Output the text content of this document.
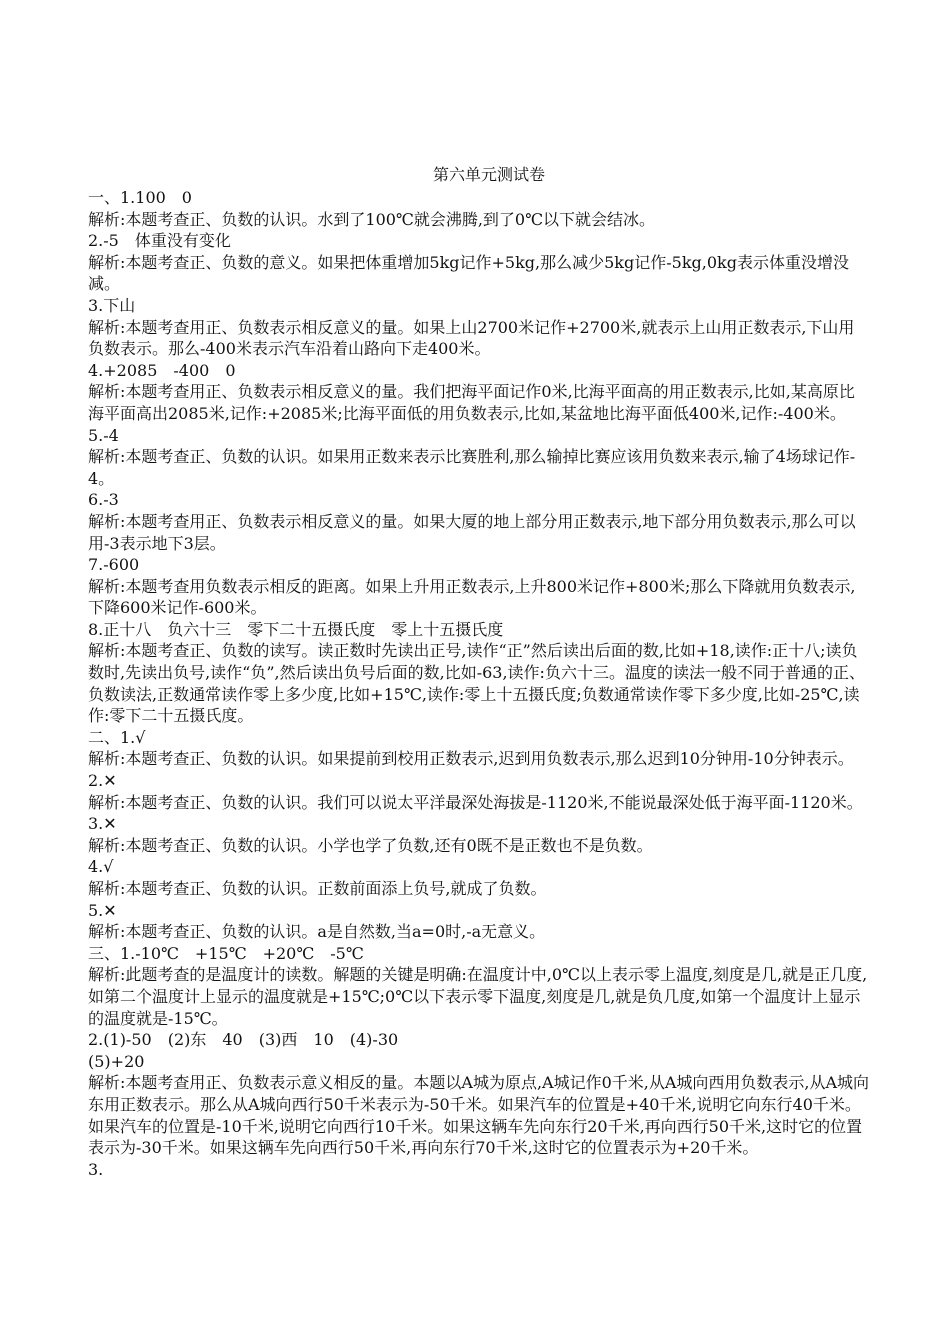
第六单元测试卷
一、1.100　0
解析:本题考查正、负数的认识。水到了100℃就会沸腾,到了0℃以下就会结冰。
2.-5　体重没有变化
解析:本题考查正、负数的意义。如果把体重增加5kg记作+5kg,那么减少5kg记作-5kg,0kg表示体重没增没减。
3.下山
解析:本题考查用正、负数表示相反意义的量。如果上山2700米记作+2700米,就表示上山用正数表示,下山用负数表示。那么-400米表示汽车沿着山路向下走400米。
4.+2085　-400　0
解析:本题考查用正、负数表示相反意义的量。我们把海平面记作0米,比海平面高的用正数表示,比如,某高原比海平面高出2085米,记作:+2085米;比海平面低的用负数表示,比如,某盆地比海平面低400米,记作:-400米。
5.-4
解析:本题考查正、负数的认识。如果用正数来表示比赛胜利,那么输掉比赛应该用负数来表示,输了4场球记作-4。
6.-3
解析:本题考查用正、负数表示相反意义的量。如果大厦的地上部分用正数表示,地下部分用负数表示,那么可以用-3表示地下3层。
7.-600
解析:本题考查用负数表示相反的距离。如果上升用正数表示,上升800米记作+800米;那么下降就用负数表示,下降600米记作-600米。
8.正十八　负六十三　零下二十五摄氏度　零上十五摄氏度
解析:本题考查正、负数的读写。读正数时先读出正号,读作“正”然后读出后面的数,比如+18,读作:正十八;读负数时,先读出负号,读作“负”,然后读出负号后面的数,比如-63,读作:负六十三。温度的读法一般不同于普通的正、负数读法,正数通常读作零上多少度,比如+15℃,读作:零上十五摄氏度;负数通常读作零下多少度,比如-25℃,读作:零下二十五摄氏度。
二、1.√
解析:本题考查正、负数的认识。如果提前到校用正数表示,迟到用负数表示,那么迟到10分钟用-10分钟表示。
2.✕
解析:本题考查正、负数的认识。我们可以说太平洋最深处海拔是-1120米,不能说最深处低于海平面-1120米。
3.✕
解析:本题考查正、负数的认识。小学也学了负数,还有0既不是正数也不是负数。
4.√
解析:本题考查正、负数的认识。正数前面添上负号,就成了负数。
5.✕
解析:本题考查正、负数的认识。a是自然数,当a=0时,-a无意义。
三、1.-10℃　+15℃　+20℃　-5℃
解析:此题考查的是温度计的读数。解题的关键是明确:在温度计中,0℃以上表示零上温度,刻度是几,就是正几度,如第二个温度计上显示的温度就是+15℃;0℃以下表示零下温度,刻度是几,就是负几度,如第一个温度计上显示的温度就是-15℃。
2.(1)-50　(2)东　40　(3)西　10　(4)-30
(5)+20
解析:本题考查用正、负数表示意义相反的量。本题以A城为原点,A城记作0千米,从A城向西用负数表示,从A城向东用正数表示。那么从A城向西行50千米表示为-50千米。如果汽车的位置是+40千米,说明它向东行40千米。如果汽车的位置是-10千米,说明它向西行10千米。如果这辆车先向东行20千米,再向西行50千米,这时它的位置表示为-30千米。如果这辆车先向西行50千米,再向东行70千米,这时它的位置表示为+20千米。
3.
